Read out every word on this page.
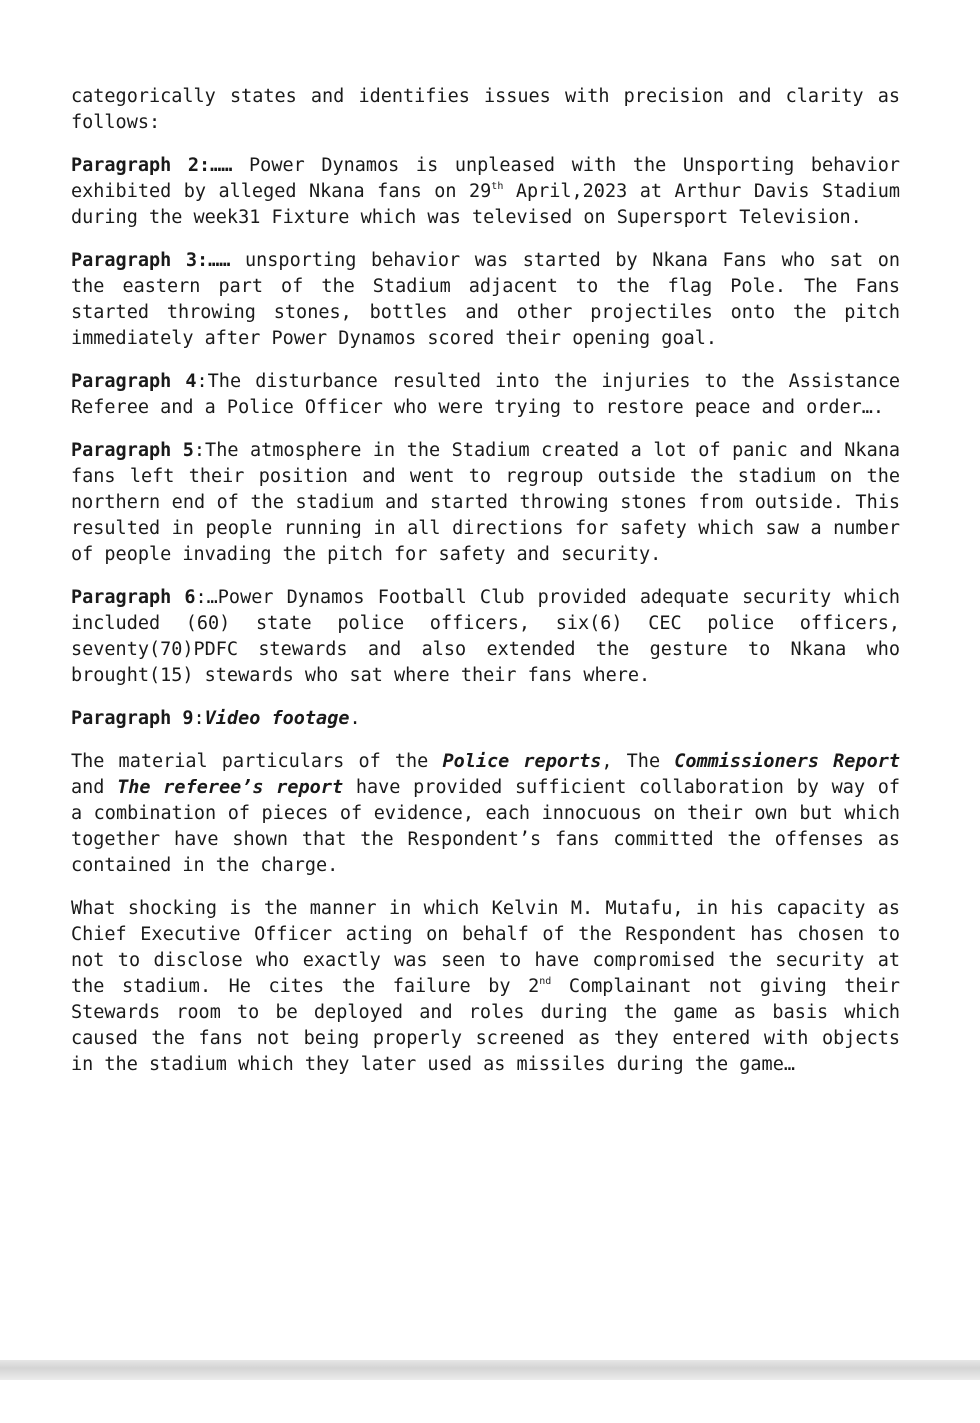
categorically states and identifies issues with precision and clarity as follows:

Paragraph 2:…… Power Dynamos is unpleased with the Unsporting behavior exhibited by alleged Nkana fans on 29th April,2023 at Arthur Davis Stadium during the week31 Fixture which was televised on Supersport Television.

Paragraph 3:…… unsporting behavior was started by Nkana Fans who sat on the eastern part of the Stadium adjacent to the flag Pole. The Fans started throwing stones, bottles and other projectiles onto the pitch immediately after Power Dynamos scored their opening goal.

Paragraph 4:The disturbance resulted into the injuries to the Assistance Referee and a Police Officer who were trying to restore peace and order….

Paragraph 5:The atmosphere in the Stadium created a lot of panic and Nkana fans left their position and went to regroup outside the stadium on the northern end of the stadium and started throwing stones from outside. This resulted in people running in all directions for safety which saw a number of people invading the pitch for safety and security.

Paragraph 6:…Power Dynamos Football Club provided adequate security which included (60) state police officers, six(6) CEC police officers, seventy(70)PDFC stewards and also extended the gesture to Nkana who brought(15) stewards who sat where their fans where.

Paragraph 9:Video footage.

The material particulars of the Police reports, The Commissioners Report and The referee’s report have provided sufficient collaboration by way of a combination of pieces of evidence, each innocuous on their own but which together have shown that the Respondent’s fans committed the offenses as contained in the charge.

What shocking is the manner in which Kelvin M. Mutafu, in his capacity as Chief Executive Officer acting on behalf of the Respondent has chosen to not to disclose who exactly was seen to have compromised the security at the stadium. He cites the failure by 2nd Complainant not giving their Stewards room to be deployed and roles during the game as basis which caused the fans not being properly screened as they entered with objects in the stadium which they later used as missiles during the game…
